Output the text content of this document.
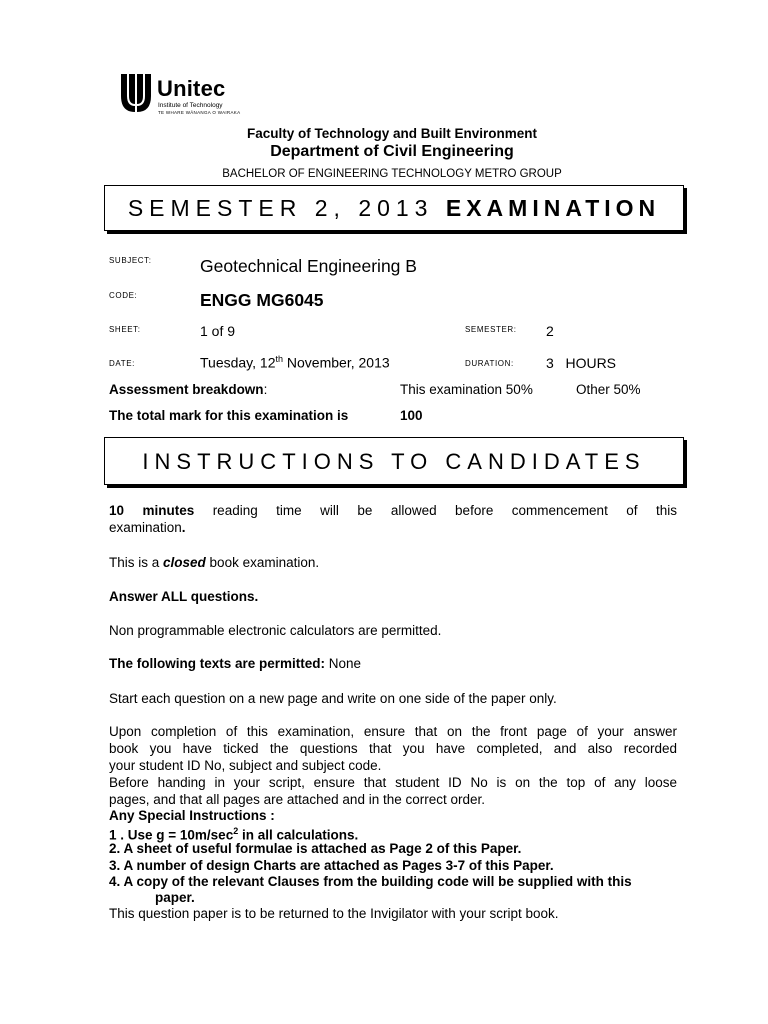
Unitec
Institute of Technology
TE WHARE WĀNANGA O WAIRAKA
Faculty of Technology and Built Environment
Department of Civil Engineering
BACHELOR OF ENGINEERING TECHNOLOGY METRO GROUP
SEMESTER 2, 2013 EXAMINATION
SUBJECT:	Geotechnical Engineering B
CODE:	ENGG MG6045
SHEET:	1 of 9	SEMESTER: 2
DATE:	Tuesday, 12th November, 2013	DURATION: 3   HOURS
Assessment breakdown:	This examination 50%	Other 50%
The total mark for this examination is	100
INSTRUCTIONS TO CANDIDATES
10 minutes reading time will be allowed before commencement of this
examination.
This is a closed book examination.
Answer ALL questions.
Non programmable electronic calculators are permitted.
The following texts are permitted: None
Start each question on a new page and write on one side of the paper only.
Upon completion of this examination, ensure that on the front page of your answer
book you have ticked the questions that you have completed, and also recorded
your student ID No, subject and subject code.
Before handing in your script, ensure that student ID No is on the top of any loose
pages, and that all pages are attached and in the correct order.
Any Special Instructions :
1 . Use $g = 10m/\sec^2$ in all calculations.
2. A sheet of useful formulae is attached as Page 2 of this Paper.
3. A number of design Charts are attached as Pages 3-7 of this Paper.
4. A copy of the relevant Clauses from the building code will be supplied with this
paper.
This question paper is to be returned to the Invigilator with your script book.
